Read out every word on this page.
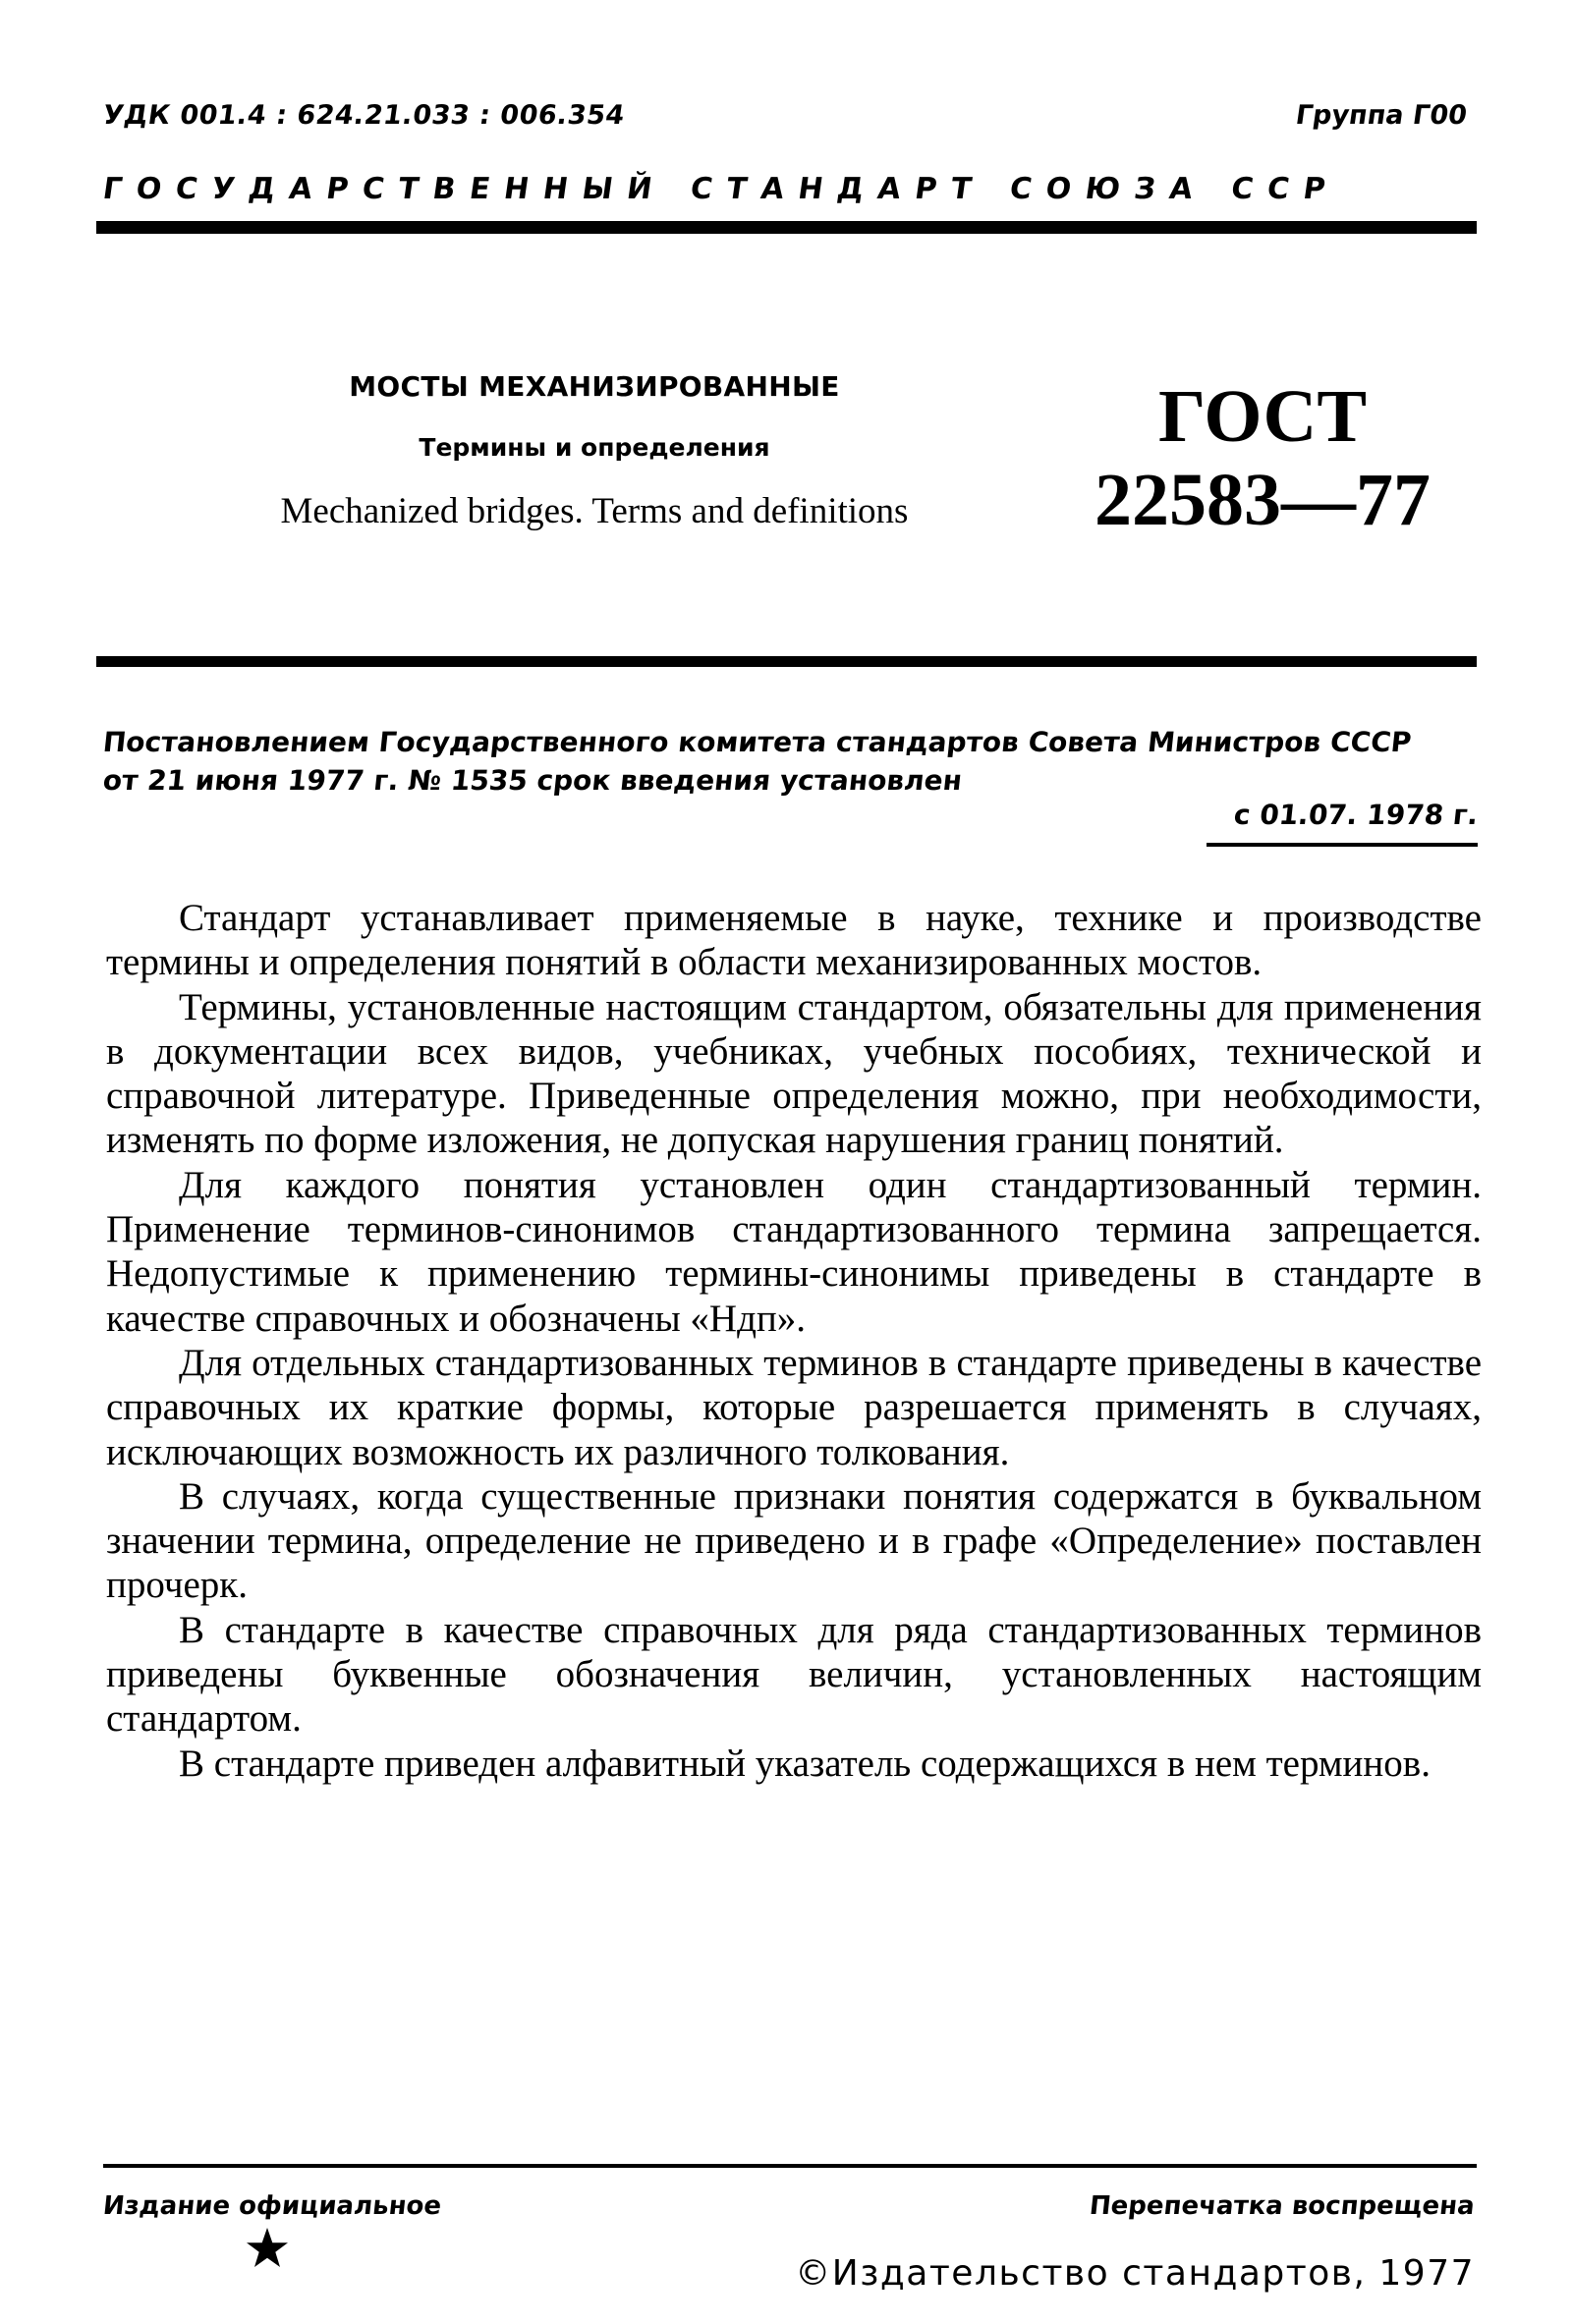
УДК 001.4 : 624.21.033 : 006.354	Группа Г00
ГОСУДАРСТВЕННЫЙ СТАНДАРТ СОЮЗА ССР
МОСТЫ МЕХАНИЗИРОВАННЫЕ
Термины и определения
Mechanized bridges. Terms and definitions
ГОСТ
22583—77
Постановлением Государственного комитета стандартов Совета Министров СССР
от 21 июня 1977 г. № 1535 срок введения установлен
с 01.07. 1978 г.

Стандарт устанавливает применяемые в науке, технике и производстве термины и определения понятий в области механизированных мостов.

Термины, установленные настоящим стандартом, обязательны для применения в документации всех видов, учебниках, учебных пособиях, технической и справочной литературе. Приведенные определения можно, при необходимости, изменять по форме изложения, не допуская нарушения границ понятий.

Для каждого понятия установлен один стандартизованный термин. Применение терминов-синонимов стандартизованного термина запрещается. Недопустимые к применению термины-синонимы приведены в стандарте в качестве справочных и обозначены «Ндп».

Для отдельных стандартизованных терминов в стандарте приведены в качестве справочных их краткие формы, которые разрешается применять в случаях, исключающих возможность их различного толкования.

В случаях, когда существенные признаки понятия содержатся в буквальном значении термина, определение не приведено и в графе «Определение» поставлен прочерк.

В стандарте в качестве справочных для ряда стандартизованных терминов приведены буквенные обозначения величин, установленных настоящим стандартом.

В стандарте приведен алфавитный указатель содержащихся в нем терминов.

Издание официальное	Перепечатка воспрещена
©Издательство стандартов, 1977
